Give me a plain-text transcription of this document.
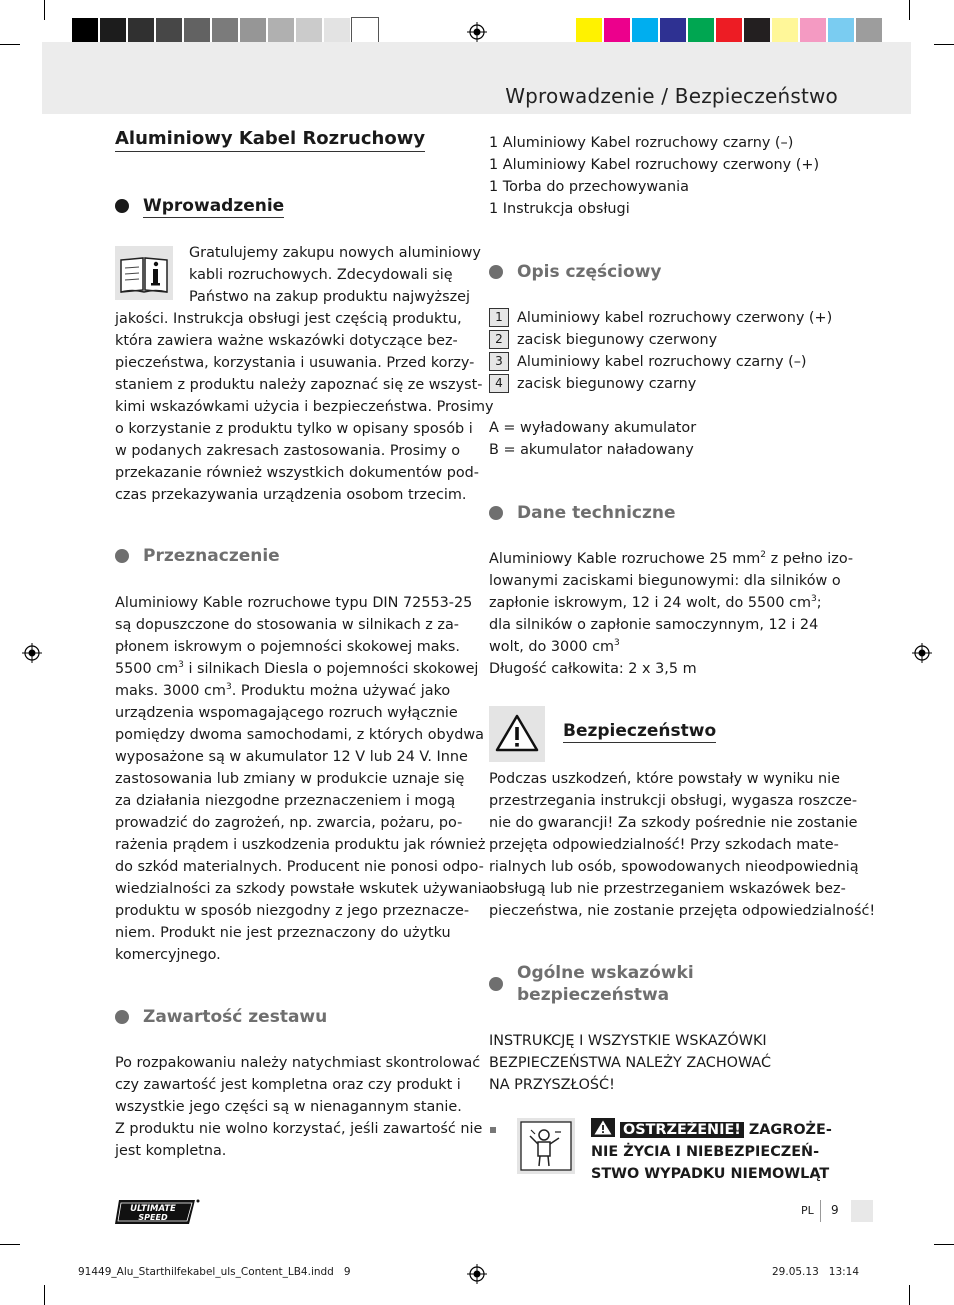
Wprowadzenie / Bezpieczeństwo
Aluminiowy Kabel Rozruchowy
Wprowadzenie
Gratulujemy zakupu nowych aluminiowy
kabli rozruchowych. Zdecydowali się
Państwo na zakup produktu najwyższej
jakości. Instrukcja obsługi jest częścią produktu,
która zawiera ważne wskazówki dotyczące bez-
pieczeństwa, korzystania i usuwania. Przed korzy-
staniem z produktu należy zapoznać się ze wszyst-
kimi wskazówkami użycia i bezpieczeństwa. Prosimy
o korzystanie z produktu tylko w opisany sposób i
w podanych zakresach zastosowania. Prosimy o
przekazanie również wszystkich dokumentów pod-
czas przekazywania urządzenia osobom trzecim.
Przeznaczenie
Aluminiowy Kable rozruchowe typu DIN 72553-25
są dopuszczone do stosowania w silnikach z za-
płonem iskrowym o pojemności skokowej maks.
5500 $cm^3$ i silnikach Diesla o pojemności skokowej
maks. 3000 $cm^3$. Produktu można używać jako
urządzenia wspomagającego rozruch wyłącznie
pomiędzy dwoma samochodami, z których obydwa
wyposażone są w akumulator 12 V lub 24 V. Inne
zastosowania lub zmiany w produkcie uznaje się
za działania niezgodne przeznaczeniem i mogą
prowadzić do zagrożeń, np. zwarcia, pożaru, po-
rażenia prądem i uszkodzenia produktu jak również
do szkód materialnych. Producent nie ponosi odpo-
wiedzialności za szkody powstałe wskutek używania
produktu w sposób niezgodny z jego przeznacze-
niem. Produkt nie jest przeznaczony do użytku
komercyjnego.
Zawartość zestawu
Po rozpakowaniu należy natychmiast skontrolować
czy zawartość jest kompletna oraz czy produkt i
wszystkie jego części są w nienagannym stanie.
Z produktu nie wolno korzystać, jeśli zawartość nie
jest kompletna.
1 Aluminiowy Kabel rozruchowy czarny (–)
1 Aluminiowy Kabel rozruchowy czerwony (+)
1 Torba do przechowywania
1 Instrukcja obsługi
Opis częściowy
1 Aluminiowy kabel rozruchowy czerwony (+)
2 zacisk biegunowy czerwony
3 Aluminiowy kabel rozruchowy czarny (–)
4 zacisk biegunowy czarny

A = wyładowany akumulator
B = akumulator naładowany
Dane techniczne
Aluminiowy Kable rozruchowe 25 $mm^2$ z pełno izo-
lowanymi zaciskami biegunowymi: dla silników o
zapłonie iskrowym, 12 i 24 wolt, do 5500 $cm^3$;
dla silników o zapłonie samoczynnym, 12 i 24
wolt, do 3000 $cm^3$
Długość całkowita: 2 x 3,5 m
Bezpieczeństwo
Podczas uszkodzeń, które powstały w wyniku nie
przestrzegania instrukcji obsługi, wygasza roszcze-
nie do gwarancji! Za szkody pośrednie nie zostanie
przejęta odpowiedzialność! Przy szkodach mate-
rialnych lub osób, spowodowanych nieodpowiednią
obsługą lub nie przestrzeganiem wskazówek bez-
pieczeństwa, nie zostanie przejęta odpowiedzialność!
Ogólne wskazówki
bezpieczeństwa
INSTRUKCJĘ I WSZYSTKIE WSKAZÓWKI
BEZPIECZEŃSTWA NALEŻY ZACHOWAĆ
NA PRZYSZŁOŚĆ!
OSTRZEŻENIE! ZAGROŻE-
NIE ŻYCIA I NIEBEZPIECZEŃ-
STWO WYPADKU NIEMOWLĄT
ULTIMATE
SPEED
PL 9
91449_Alu_Starthilfekabel_uls_Content_LB4.indd   9	29.05.13   13:14
